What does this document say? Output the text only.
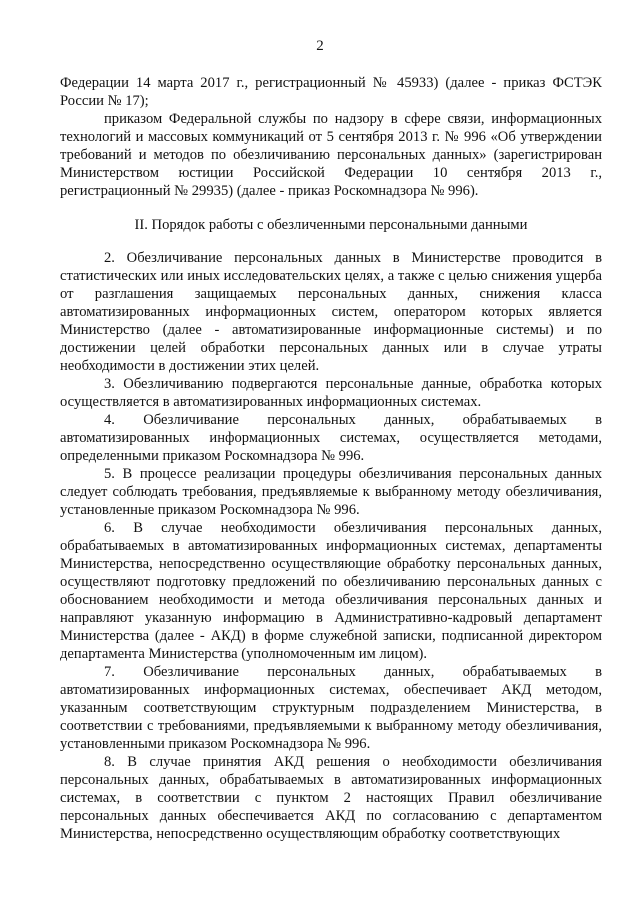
2

Федерации 14 марта 2017 г., регистрационный № 45933) (далее - приказ ФСТЭК России № 17);

приказом Федеральной службы по надзору в сфере связи, информационных технологий и массовых коммуникаций от 5 сентября 2013 г. № 996 «Об утверждении требований и методов по обезличиванию персональных данных» (зарегистрирован Министерством юстиции Российской Федерации 10 сентября 2013 г., регистрационный № 29935) (далее - приказ Роскомнадзора № 996).

II. Порядок работы с обезличенными персональными данными

2. Обезличивание персональных данных в Министерстве проводится в статистических или иных исследовательских целях, а также с целью снижения ущерба от разглашения защищаемых персональных данных, снижения класса автоматизированных информационных систем, оператором которых является Министерство (далее - автоматизированные информационные системы) и по достижении целей обработки персональных данных или в случае утраты необходимости в достижении этих целей.

3. Обезличиванию подвергаются персональные данные, обработка которых осуществляется в автоматизированных информационных системах.

4. Обезличивание персональных данных, обрабатываемых в автоматизированных информационных системах, осуществляется методами, определенными приказом Роскомнадзора № 996.

5. В процессе реализации процедуры обезличивания персональных данных следует соблюдать требования, предъявляемые к выбранному методу обезличивания, установленные приказом Роскомнадзора № 996.

6. В случае необходимости обезличивания персональных данных, обрабатываемых в автоматизированных информационных системах, департаменты Министерства, непосредственно осуществляющие обработку персональных данных, осуществляют подготовку предложений по обезличиванию персональных данных с обоснованием необходимости и метода обезличивания персональных данных и направляют указанную информацию в Административно-кадровый департамент Министерства (далее - АКД) в форме служебной записки, подписанной директором департамента Министерства (уполномоченным им лицом).

7. Обезличивание персональных данных, обрабатываемых в автоматизированных информационных системах, обеспечивает АКД методом, указанным соответствующим структурным подразделением Министерства, в соответствии с требованиями, предъявляемыми к выбранному методу обезличивания, установленными приказом Роскомнадзора № 996.

8. В случае принятия АКД решения о необходимости обезличивания персональных данных, обрабатываемых в автоматизированных информационных системах, в соответствии с пунктом 2 настоящих Правил обезличивание персональных данных обеспечивается АКД по согласованию с департаментом Министерства, непосредственно осуществляющим обработку соответствующих
